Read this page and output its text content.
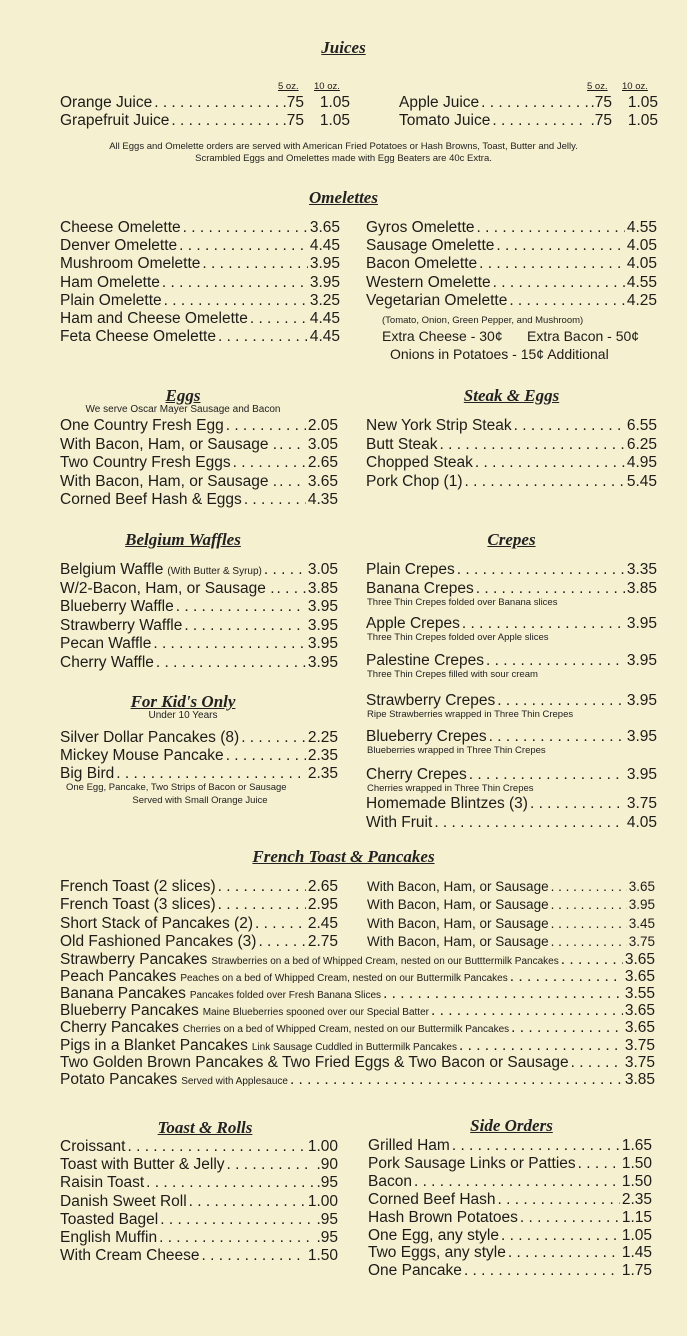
Juices
5 oz. 10 oz.	5 oz. 10 oz.
Orange Juice . . .	.75	1.05
Grapefruit Juice . . .	.75	1.05
Apple Juice . . .	.75	1.05
Tomato Juice . . .	.75	1.05
All Eggs and Omelette orders are served with American Fried Potatoes or Hash Browns, Toast, Butter and Jelly.
Scrambled Eggs and Omelettes made with Egg Beaters are 40c Extra.
Omelettes
Cheese Omelette . . .	3.65
Denver Omelette . . .	4.45
Mushroom Omelette . . .	3.95
Ham Omelette . . .	3.95
Plain Omelette . . .	3.25
Ham and Cheese Omelette . . .	4.45
Feta Cheese Omelette . . .	4.45
Gyros Omelette . . .	4.55
Sausage Omelette . . .	4.05
Bacon Omelette . . .	4.05
Western Omelette . . .	4.55
Vegetarian Omelette . . .	4.25
(Tomato, Onion, Green Pepper, and Mushroom)
Extra Cheese - 30¢ Extra Bacon - 50¢
Onions in Potatoes - 15¢ Additional
Eggs
We serve Oscar Mayer Sausage and Bacon
One Country Fresh Egg . . .	2.05
With Bacon, Ham, or Sausage . . . . 3.05
Two Country Fresh Eggs . . .	2.65
With Bacon, Ham, or Sausage . . . . 3.65
Corned Beef Hash & Eggs . . .	4.35
Steak & Eggs
New York Strip Steak . . .	6.55
Butt Steak . . .	6.25
Chopped Steak . . .	4.95
Pork Chop (1) . . .	5.45
Belgium Waffles
Belgium Waffle (With Butter & Syrup) . . .	3.05
W/2-Bacon, Ham, or Sausage . . . . 3.85
Blueberry Waffle . . .	3.95
Strawberry Waffle . . .	3.95
Pecan Waffle . . .	3.95
Cherry Waffle . . .	3.95
Crepes
Plain Crepes . . .	3.35
Banana Crepes . . .	3.85
Three Thin Crepes folded over Banana slices
Apple Crepes . . .	3.95
Three Thin Crepes folded over Apple slices
Palestine Crepes . . .	3.95
Three Thin Crepes filled with sour cream
Strawberry Crepes . . .	3.95
Ripe Strawberries wrapped in Three Thin Crepes
Blueberry Crepes . . .	3.95
Blueberries wrapped in Three Thin Crepes
Cherry Crepes . . .	3.95
Cherries wrapped in Three Thin Crepes
Homemade Blintzes (3) . . .	3.75
With Fruit . . .	4.05
For Kid's Only
Under 10 Years
Silver Dollar Pancakes (8) . . .	2.25
Mickey Mouse Pancake . . .	2.35
Big Bird . . .	2.35
One Egg, Pancake, Two Strips of Bacon or Sausage
Served with Small Orange Juice
French Toast & Pancakes
French Toast (2 slices) . . .	2.65 With Bacon, Ham, or Sausage . . .	3.65
French Toast (3 slices) . . .	2.95 With Bacon, Ham, or Sausage . . .	3.95
Short Stack of Pancakes (2) . . .	2.45 With Bacon, Ham, or Sausage . . .	3.45
Old Fashioned Pancakes (3) . . .	2.75 With Bacon, Ham, or Sausage . . .	3.75
Strawberry Pancakes Strawberries on a bed of Whipped Cream, nested on our Butttermilk Pancakes . . .	3.65
Peach Pancakes Peaches on a bed of Whipped Cream, nested on our Buttermilk Pancakes . . .	3.65
Banana Pancakes Pancakes folded over Fresh Banana Slices . . .	3.55
Blueberry Pancakes Maine Blueberries spooned over our Special Batter . . .	3.65
Cherry Pancakes Cherries on a bed of Whipped Cream, nested on our Buttermilk Pancakes . . .	3.65
Pigs in a Blanket Pancakes Link Sausage Cuddled in Buttermilk Pancakes . . .	3.75
Two Golden Brown Pancakes & Two Fried Eggs & Two Bacon or Sausage . . .	3.75
Potato Pancakes Served with Applesauce . . .	3.85
Toast & Rolls
Croissant . . .	1.00
Toast with Butter & Jelly . . .	.90
Raisin Toast . . .	.95
Danish Sweet Roll . . .	1.00
Toasted Bagel . . .	.95
English Muffin . . .	.95
With Cream Cheese . . .	1.50
Side Orders
Grilled Ham . . .	1.65
Pork Sausage Links or Patties . . .	1.50
Bacon . . .	1.50
Corned Beef Hash . . .	2.35
Hash Brown Potatoes . . .	1.15
One Egg, any style . . .	1.05
Two Eggs, any style . . .	1.45
One Pancake . . .	1.75
